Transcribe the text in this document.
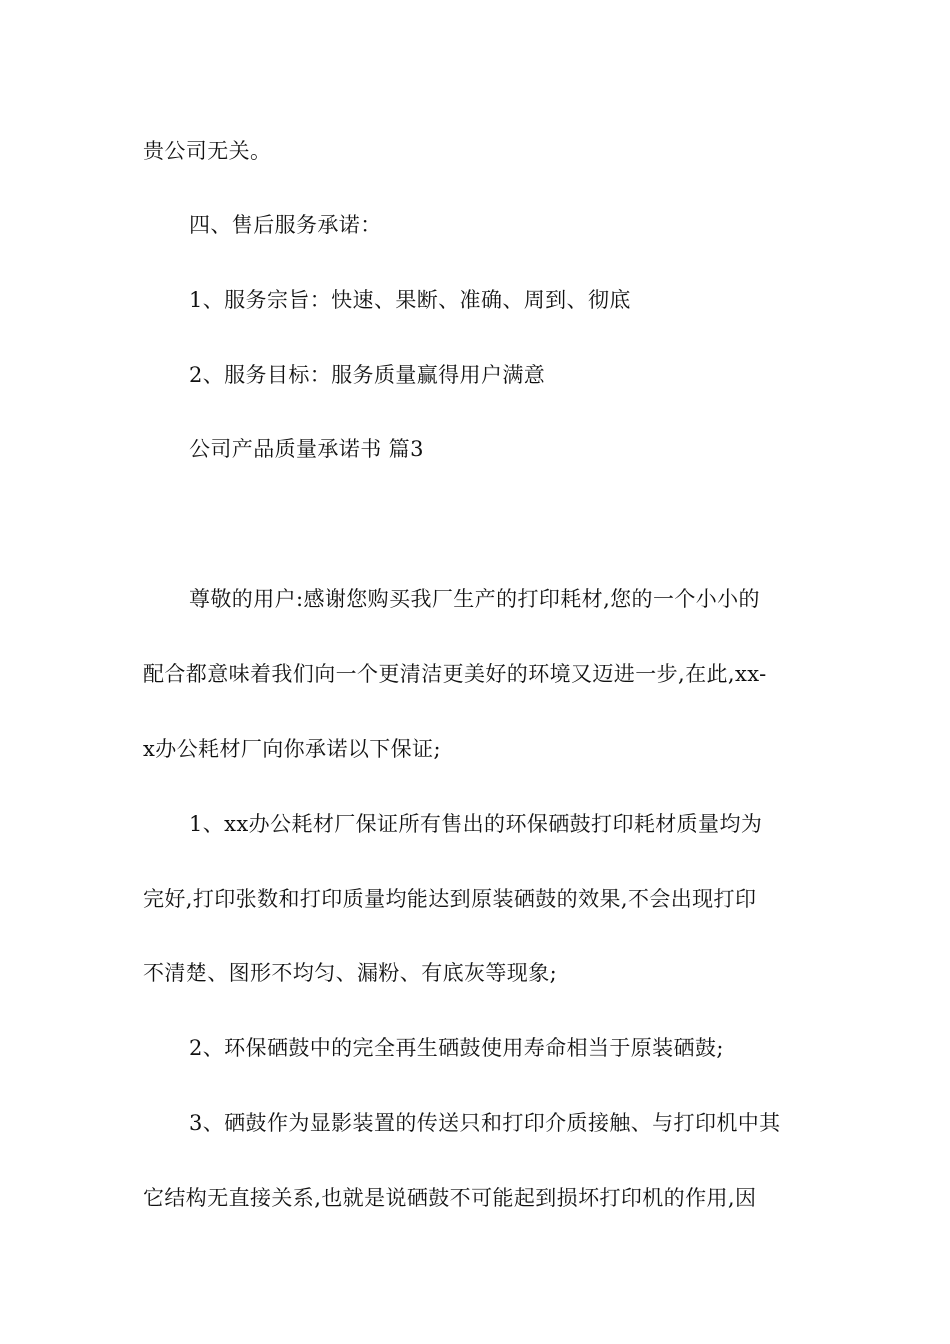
贵公司无关。
四、售后服务承诺：
1、服务宗旨：快速、果断、准确、周到、彻底
2、服务目标：服务质量赢得用户满意
公司产品质量承诺书 篇3
尊敬的用户:感谢您购买我厂生产的打印耗材,您的一个小小的
配合都意味着我们向一个更清洁更美好的环境又迈进一步,在此,xx-
x办公耗材厂向你承诺以下保证;
1、xx办公耗材厂保证所有售出的环保硒鼓打印耗材质量均为
完好,打印张数和打印质量均能达到原装硒鼓的效果,不会出现打印
不清楚、图形不均匀、漏粉、有底灰等现象;
2、环保硒鼓中的完全再生硒鼓使用寿命相当于原装硒鼓;
3、硒鼓作为显影装置的传送只和打印介质接触、与打印机中其
它结构无直接关系,也就是说硒鼓不可能起到损坏打印机的作用,因
